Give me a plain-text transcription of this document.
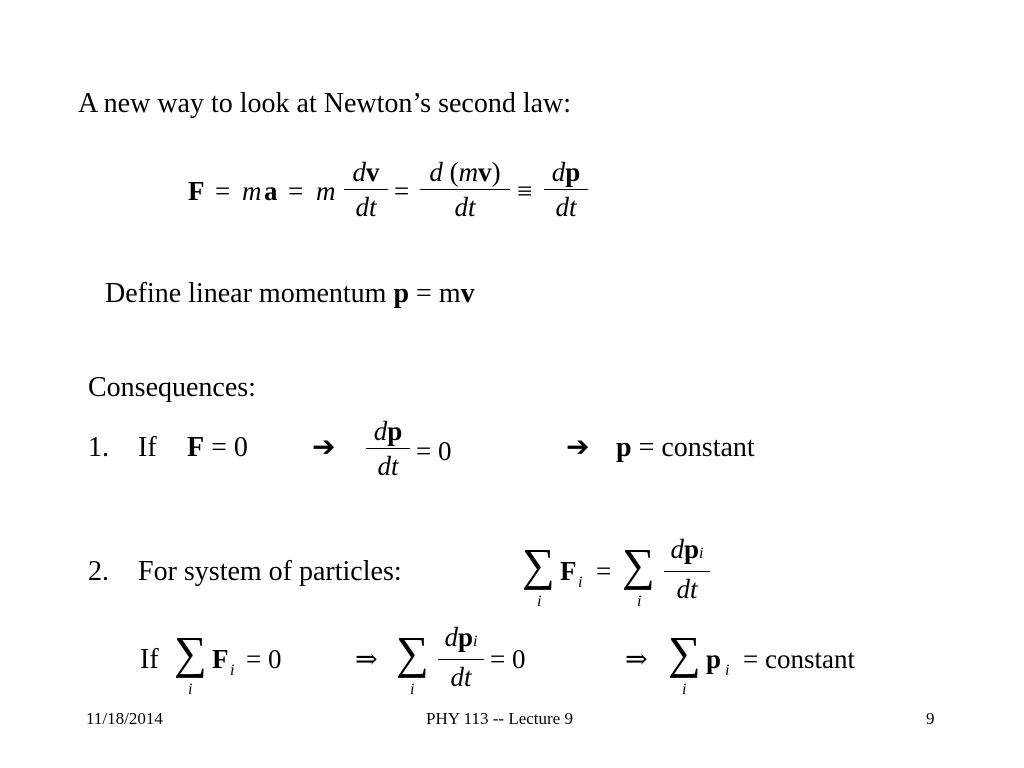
A new way to look at Newton’s second law:
F = m a = m
dv
dt
=
d (mv)
dt
≡
dp
dt
Define linear momentum p = mv
Consequences:
1. If F = 0 ➔
dp
dt = 0	➔ p = constant
2. For system of particles:	∑
i
F i = ∑
i
dpi
dt
If ∑
i
F i = 0	⇒ ∑
i
dpi
dt
= 0	⇒ ∑
i
p i = constant
11/18/2014	PHY 113 -- Lecture 9	9
